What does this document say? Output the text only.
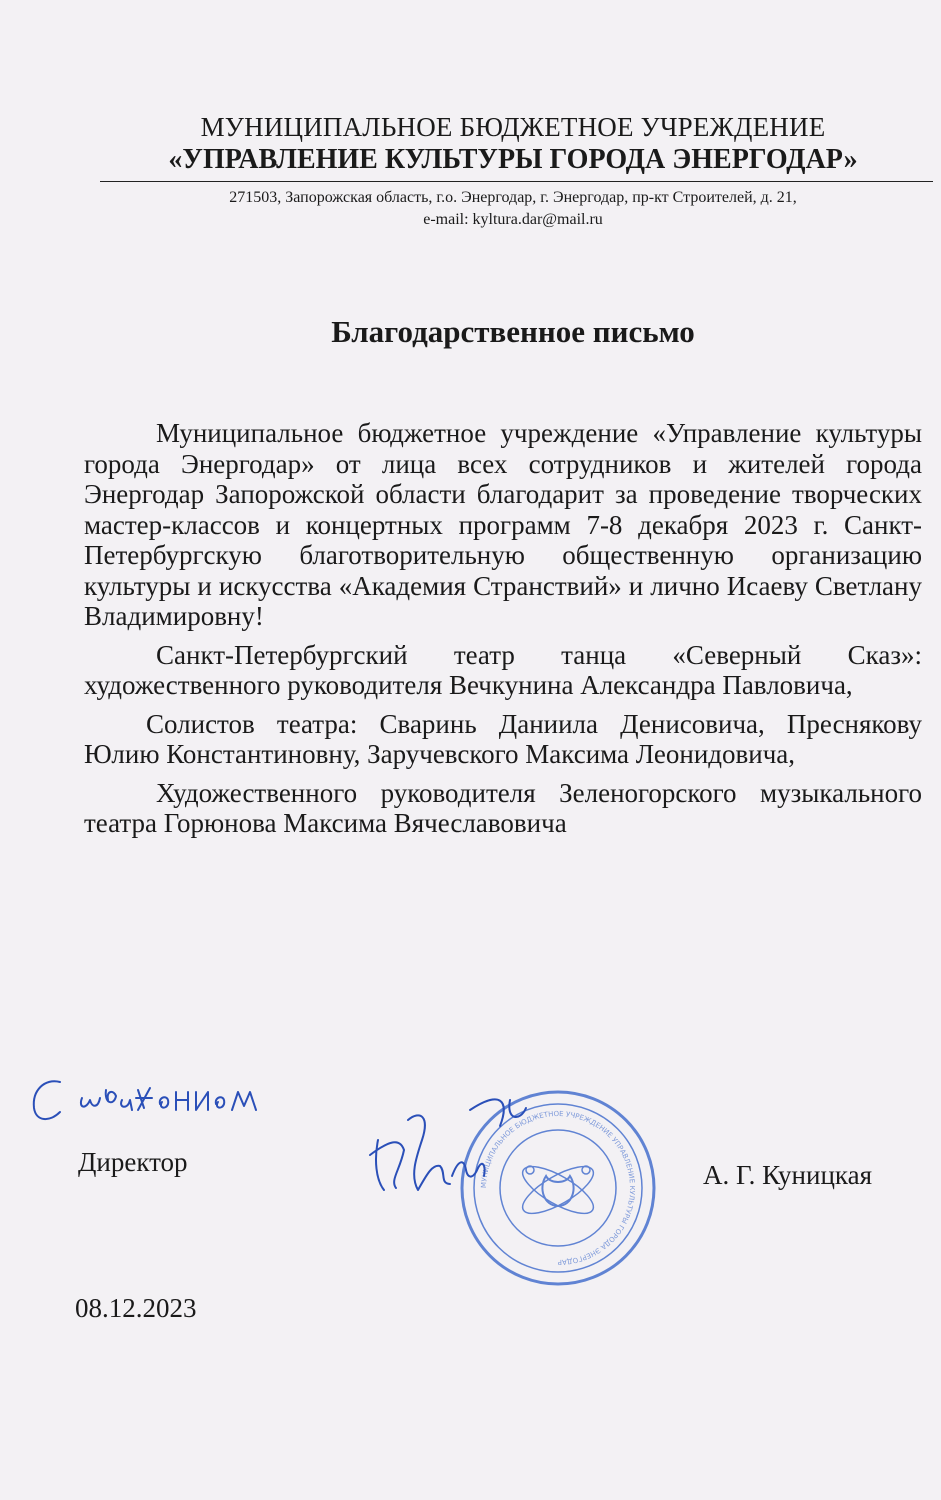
МУНИЦИПАЛЬНОЕ БЮДЖЕТНОЕ УЧРЕЖДЕНИЕ
«УПРАВЛЕНИЕ КУЛЬТУРЫ ГОРОДА ЭНЕРГОДАР»
271503, Запорожская область, г.о. Энергодар, г. Энергодар, пр-кт Строителей, д. 21,
e-mail: kyltura.dar@mail.ru
Благодарственное письмо

Муниципальное бюджетное учреждение «Управление культуры города Энергодар» от лица всех сотрудников и жителей города Энергодар Запорожской области благодарит за проведение творческих мастер-классов и концертных программ 7-8 декабря 2023 г. Санкт-Петербургскую благотворительную общественную организацию культуры и искусства «Академия Странствий» и лично Исаеву Светлану Владимировну!

Санкт-Петербургский театр танца «Северный Сказ»: художественного руководителя Вечкунина Александра Павловича,

Солистов театра: Сваринь Даниила Денисовича, Преснякову Юлию Константиновну, Заручевского Максима Леонидовича,

Художественного руководителя Зеленогорского музыкального театра Горюнова Максима Вячеславовича

Директор
МУНИЦИПАЛЬНОЕ БЮДЖЕТНОЕ УЧРЕЖДЕНИЕ УПРАВЛЕНИЕ КУЛЬТУРЫ ГОРОДА ЭНЕРГОДАР
А. Г. Куницкая
08.12.2023
